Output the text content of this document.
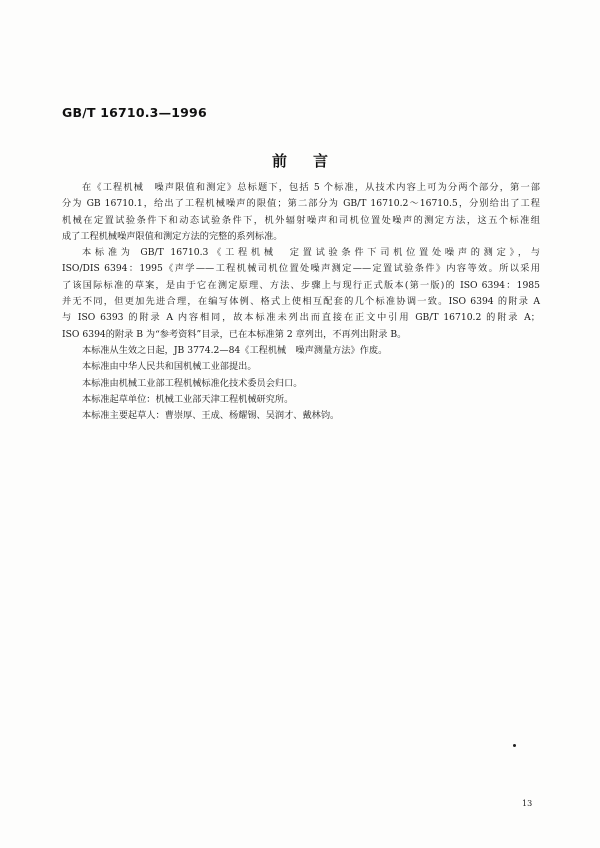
GB/T 16710.3—1996
前言
在《工程机械　噪声限值和测定》总标题下，包括 5 个标准，从技术内容上可为分两个部分，第一部
分为 GB 16710.1，给出了工程机械噪声的限值；第二部分为 GB/T 16710.2～16710.5，分别给出了工程
机械在定置试验条件下和动态试验条件下，机外辐射噪声和司机位置处噪声的测定方法，这五个标准组
成了工程机械噪声限值和测定方法的完整的系列标准。
本标准为 GB/T 16710.3《工程机械　定置试验条件下司机位置处噪声的测定》，与
ISO/DIS 6394：1995《声学——工程机械司机位置处噪声测定——定置试验条件》内容等效。所以采用
了该国际标准的草案，是由于它在测定原理、方法、步骤上与现行正式版本(第一版)的 ISO 6394：1985
并无不同，但更加先进合理，在编写体例、格式上使相互配套的几个标准协调一致。ISO 6394 的附录 A
与 ISO 6393 的附录 A 内容相同，故本标准未列出而直接在正文中引用 GB/T 16710.2 的附录 A；
ISO 6394的附录 B 为“参考资料”目录，已在本标准第 2 章列出，不再列出附录 B。
本标准从生效之日起，JB 3774.2—84《工程机械　噪声测量方法》作废。
本标准由中华人民共和国机械工业部提出。
本标准由机械工业部工程机械标准化技术委员会归口。
本标准起草单位：机械工业部天津工程机械研究所。
本标准主要起草人：曹崇厚、王成、杨耀锡、吴润才、戴林钧。
13
